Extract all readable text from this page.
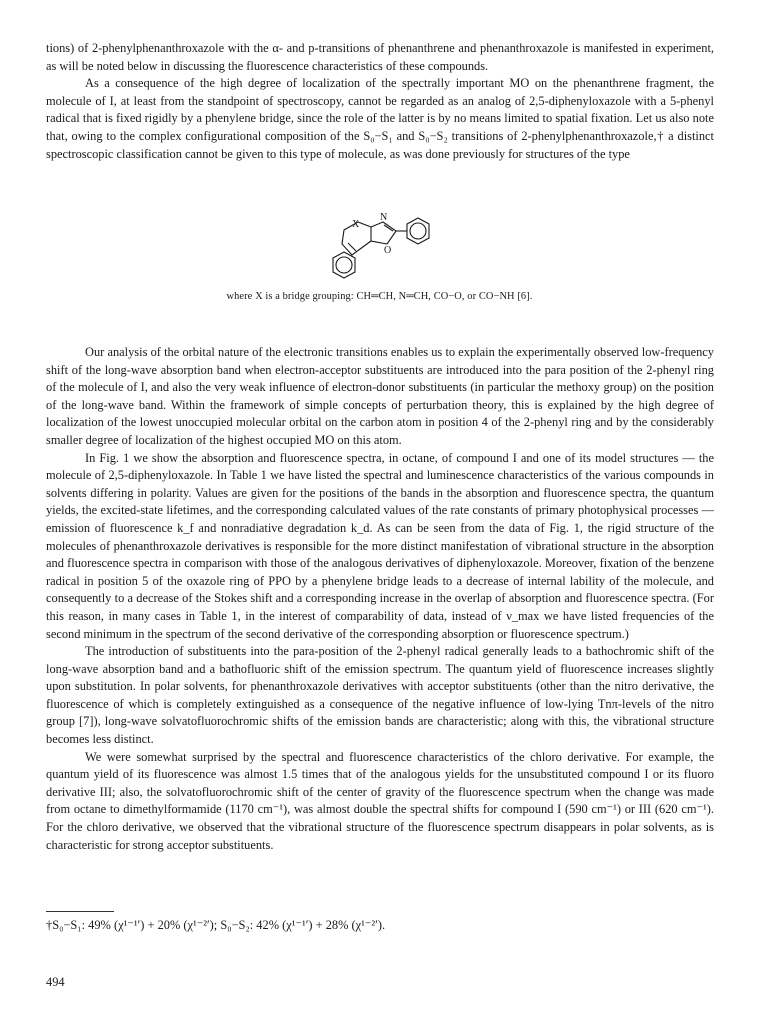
tions) of 2-phenylphenanthroxazole with the α- and p-transitions of phenanthrene and phenanthroxazole is manifested in experiment, as will be noted below in discussing the fluorescence characteristics of these compounds.

As a consequence of the high degree of localization of the spectrally important MO on the phenanthrene fragment, the molecule of I, at least from the standpoint of spectroscopy, cannot be regarded as an analog of 2,5-diphenyloxazole with a 5-phenyl radical that is fixed rigidly by a phenylene bridge, since the role of the latter is by no means limited to spatial fixation. Let us also note that, owing to the complex configurational composition of the S₀−S₁ and S₀−S₂ transitions of 2-phenylphenanthroxazole,† a distinct spectroscopic classification cannot be given to this type of molecule, as was done previously for structures of the type

N
X
O

where X is a bridge grouping: CH═CH, N═CH, CO−O, or CO−NH [6].

Our analysis of the orbital nature of the electronic transitions enables us to explain the experimentally observed low-frequency shift of the long-wave absorption band when electron-acceptor substituents are introduced into the para position of the 2-phenyl ring of the molecule of I, and also the very weak influence of electron-donor substituents (in particular the methoxy group) on the position of the long-wave band. Within the framework of simple concepts of perturbation theory, this is explained by the high degree of localization of the lowest unoccupied molecular orbital on the carbon atom in position 4 of the 2-phenyl ring and by the considerably smaller degree of localization of the highest occupied MO on this atom.

In Fig. 1 we show the absorption and fluorescence spectra, in octane, of compound I and one of its model structures — the molecule of 2,5-diphenyloxazole. In Table 1 we have listed the spectral and luminescence characteristics of the various compounds in solvents differing in polarity. Values are given for the positions of the bands in the absorption and fluorescence spectra, the quantum yields, the excited-state lifetimes, and the corresponding calculated values of the rate constants of primary photophysical processes — emission of fluorescence k_f and nonradiative degradation k_d. As can be seen from the data of Fig. 1, the rigid structure of the molecules of phenanthroxazole derivatives is responsible for the more distinct manifestation of vibrational structure in the absorption and fluorescence spectra in comparison with those of the analogous derivatives of diphenyloxazole. Moreover, fixation of the benzene radical in position 5 of the oxazole ring of PPO by a phenylene bridge leads to a decrease of internal lability of the molecule, and consequently to a decrease of the Stokes shift and a corresponding increase in the overlap of absorption and fluorescence spectra. (For this reason, in many cases in Table 1, in the interest of comparability of data, instead of ν_max we have listed frequencies of the second minimum in the spectrum of the second derivative of the corresponding absorption or fluorescence spectrum.)

The introduction of substituents into the para-position of the 2-phenyl radical generally leads to a bathochromic shift of the long-wave absorption band and a bathofluoric shift of the emission spectrum. The quantum yield of fluorescence increases slightly upon substitution. In polar solvents, for phenanthroxazole derivatives with acceptor substituents (other than the nitro derivative, the fluorescence of which is completely extinguished as a consequence of the negative influence of low-lying Tnπ-levels of the nitro group [7]), long-wave solvatofluorochromic shifts of the emission bands are characteristic; along with this, the vibrational structure becomes less distinct.

We were somewhat surprised by the spectral and fluorescence characteristics of the chloro derivative. For example, the quantum yield of its fluorescence was almost 1.5 times that of the analogous yields for the unsubstituted compound I or its fluoro derivative III; also, the solvatofluorochromic shift of the center of gravity of the fluorescence spectrum when the change was made from octane to dimethylformamide (1170 cm⁻¹), was almost double the spectral shifts for compound I (590 cm⁻¹) or III (620 cm⁻¹). For the chloro derivative, we observed that the vibrational structure of the fluorescence spectrum disappears in polar solvents, as is characteristic for strong acceptor substituents.

†S₀−S₁: 49% (χ¹⁻¹′) + 20% (χ¹⁻²′); S₀−S₂: 42% (χ¹⁻¹′) + 28% (χ¹⁻²′).

494
